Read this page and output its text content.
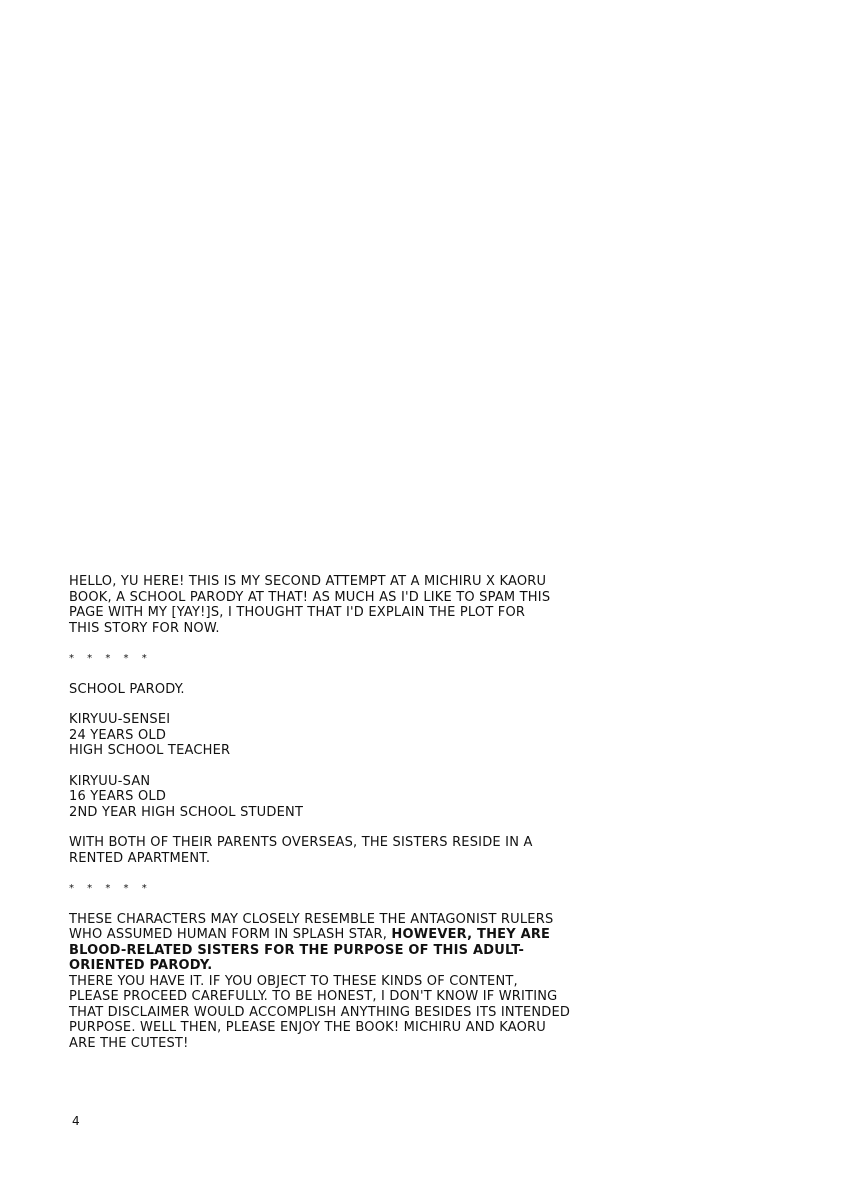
HELLO, YU HERE! THIS IS MY SECOND ATTEMPT AT A MICHIRU X KAORU
BOOK, A SCHOOL PARODY AT THAT! AS MUCH AS I'D LIKE TO SPAM THIS
PAGE WITH MY [YAY!]S, I THOUGHT THAT I'D EXPLAIN THE PLOT FOR
THIS STORY FOR NOW.

* * * * *

SCHOOL PARODY.

KIRYUU-SENSEI
24 YEARS OLD
HIGH SCHOOL TEACHER

KIRYUU-SAN
16 YEARS OLD
2ND YEAR HIGH SCHOOL STUDENT

WITH BOTH OF THEIR PARENTS OVERSEAS, THE SISTERS RESIDE IN A
RENTED APARTMENT.

* * * * *

THESE CHARACTERS MAY CLOSELY RESEMBLE THE ANTAGONIST RULERS
WHO ASSUMED HUMAN FORM IN SPLASH STAR, HOWEVER, THEY ARE
BLOOD-RELATED SISTERS FOR THE PURPOSE OF THIS ADULT-
ORIENTED PARODY.

THERE YOU HAVE IT. IF YOU OBJECT TO THESE KINDS OF CONTENT,
PLEASE PROCEED CAREFULLY. TO BE HONEST, I DON'T KNOW IF WRITING
THAT DISCLAIMER WOULD ACCOMPLISH ANYTHING BESIDES ITS INTENDED
PURPOSE. WELL THEN, PLEASE ENJOY THE BOOK! MICHIRU AND KAORU
ARE THE CUTEST!

4
